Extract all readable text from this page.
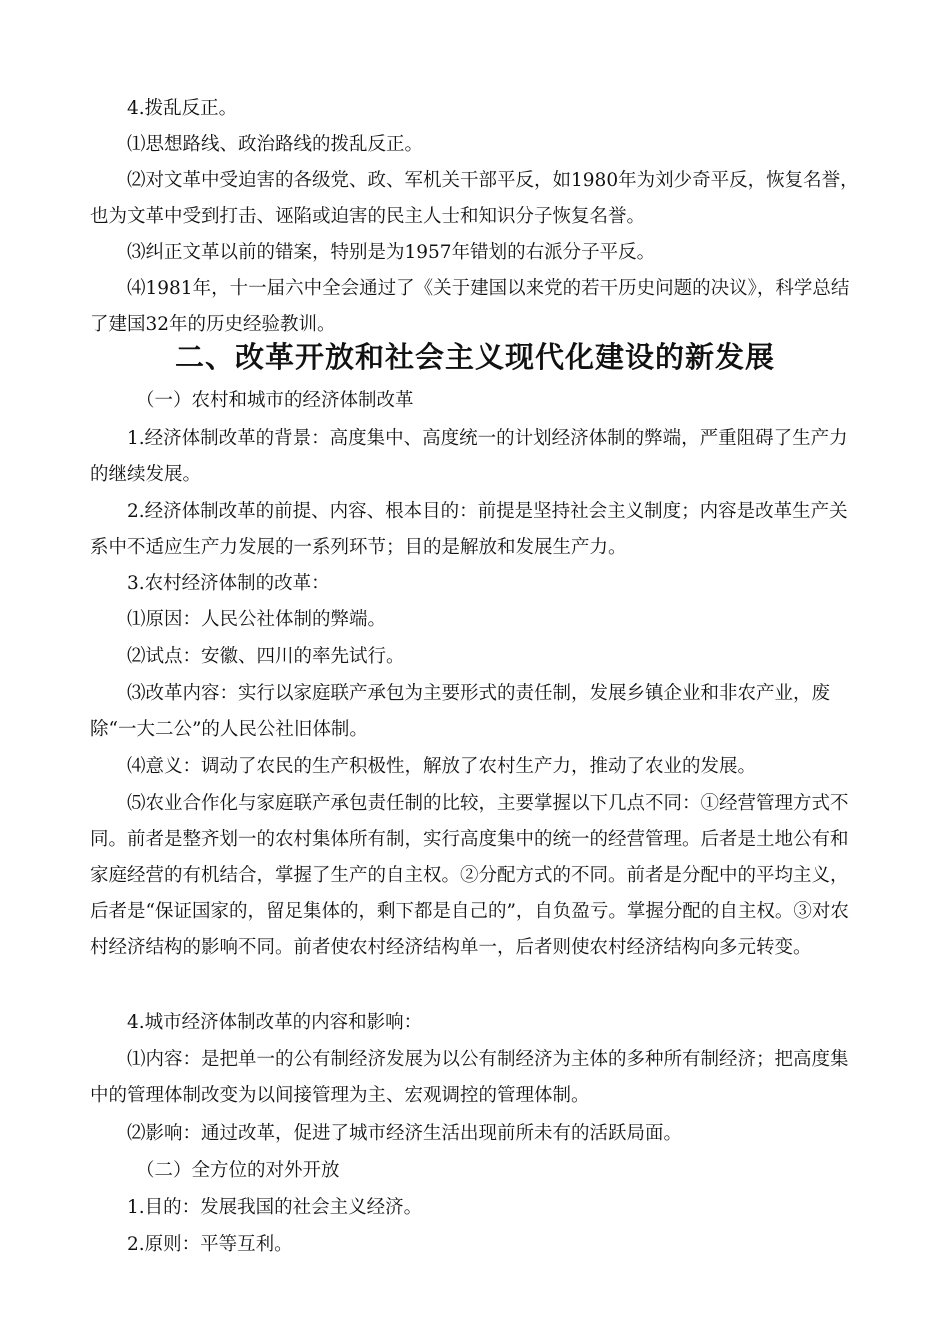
4.拨乱反正。

⑴思想路线、政治路线的拨乱反正。

⑵对文革中受迫害的各级党、政、军机关干部平反，如1980年为刘少奇平反，恢复名誉，也为文革中受到打击、诬陷或迫害的民主人士和知识分子恢复名誉。

⑶纠正文革以前的错案，特别是为1957年错划的右派分子平反。

⑷1981年，十一届六中全会通过了《关于建国以来党的若干历史问题的决议》，科学总结了建国32年的历史经验教训。

二、改革开放和社会主义现代化建设的新发展

（一）农村和城市的经济体制改革

1.经济体制改革的背景：高度集中、高度统一的计划经济体制的弊端，严重阻碍了生产力的继续发展。

2.经济体制改革的前提、内容、根本目的：前提是坚持社会主义制度；内容是改革生产关系中不适应生产力发展的一系列环节；目的是解放和发展生产力。

3.农村经济体制的改革：

⑴原因：人民公社体制的弊端。

⑵试点：安徽、四川的率先试行。

⑶改革内容：实行以家庭联产承包为主要形式的责任制，发展乡镇企业和非农产业，废除“一大二公”的人民公社旧体制。

⑷意义：调动了农民的生产积极性，解放了农村生产力，推动了农业的发展。

⑸农业合作化与家庭联产承包责任制的比较，主要掌握以下几点不同：①经营管理方式不同。前者是整齐划一的农村集体所有制，实行高度集中的统一的经营管理。后者是土地公有和家庭经营的有机结合，掌握了生产的自主权。②分配方式的不同。前者是分配中的平均主义，后者是“保证国家的，留足集体的，剩下都是自己的”，自负盈亏。掌握分配的自主权。③对农村经济结构的影响不同。前者使农村经济结构单一，后者则使农村经济结构向多元转变。

4.城市经济体制改革的内容和影响：

⑴内容：是把单一的公有制经济发展为以公有制经济为主体的多种所有制经济；把高度集中的管理体制改变为以间接管理为主、宏观调控的管理体制。

⑵影响：通过改革，促进了城市经济生活出现前所未有的活跃局面。

（二）全方位的对外开放

1.目的：发展我国的社会主义经济。

2.原则：平等互利。
